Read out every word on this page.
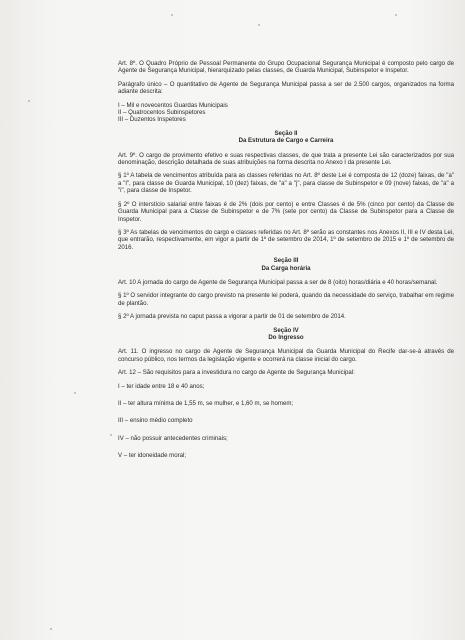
Art. 8º. O Quadro Próprio de Pessoal Permanente do Grupo Ocupacional Segurança Municipal é composto pelo cargo de Agente de Segurança Municipal, hierarquizado pelas classes, de Guarda Municipal, Subinspetor e Inspetor.

Parágrafo único – O quantitativo de Agente de Segurança Municipal passa a ser de 2.500 cargos, organizados na forma adiante descrita:

I – Mil e novecentos Guardas Municipais

II – Quatrocentos Subinspetores

III – Duzentos Inspetores

Seção II

Da Estrutura de Cargo e Carreira

Art. 9º. O cargo de provimento efetivo e suas respectivas classes, de que trata a presente Lei são caracterizados por sua denominação, descrição detalhada de suas atribuições na forma descrita no Anexo I da presente Lei.

§ 1º A tabela de vencimentos atribuída para as classes referidas no Art. 8º deste Lei é composta de 12 (doze) faixas, de "a" a "l", para classe de Guarda Municipal, 10 (dez) faixas, de "a" a "j", para classe de Subinspetor e 09 (nove) faixas, de "a" a "i", para classe de Inspetor.

§ 2º O interstício salarial entre faixas é de 2% (dois por cento) e entre Classes é de 5% (cinco por cento) da Classe de Guarda Municipal para a Classe de Subinspetor e de 7% (sete por cento) da Classe de Subinspetor para a Classe de Inspetor.

§ 3º As tabelas de vencimentos do cargo e classes referidas no Art. 8º serão as constantes nos Anexos II, III e IV desta Lei, que entrarão, respectivamente, em vigor a partir de 1º de setembro de 2014, 1º de setembro de 2015 e 1º de setembro de 2016.

Seção III

Da Carga horária

Art. 10 A jornada do cargo de Agente de Segurança Municipal passa a ser de 8 (oito) horas/diária e 40 horas/semanal.

§ 1º O servidor integrante do cargo previsto na presente lei poderá, quando da necessidade do serviço, trabalhar em regime de plantão.

§ 2º A jornada prevista no caput passa a vigorar a partir de 01 de setembro de 2014.

Seção IV

Do Ingresso

Art. 11. O ingresso no cargo de Agente de Segurança Municipal da Guarda Municipal do Recife dar-se-á através de concurso público, nos termos da legislação vigente e ocorrerá na classe inicial do cargo.

Art. 12 – São requisitos para a investidura no cargo de Agente de Segurança Municipal:

I – ter idade entre 18 e 40 anos;

II – ter altura mínima de 1,55 m, se mulher, e 1,60 m, se homem;

III – ensino médio completo

IV – não possuir antecedentes criminais;

V – ter idoneidade moral;
